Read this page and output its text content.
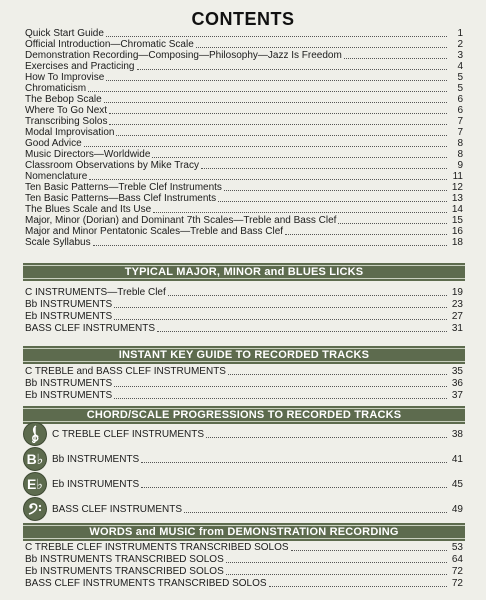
CONTENTS
Quick Start Guide	1
Official Introduction—Chromatic Scale	2
Demonstration Recording—Composing—Philosophy—Jazz Is Freedom	3
Exercises and Practicing	4
How To Improvise	5
Chromaticism	5
The Bebop Scale	6
Where To Go Next	6
Transcribing Solos	7
Modal Improvisation	7
Good Advice	8
Music Directors—Worldwide	8
Classroom Observations by Mike Tracy	9
Nomenclature	11
Ten Basic Patterns—Treble Clef Instruments	12
Ten Basic Patterns—Bass Clef Instruments	13
The Blues Scale and Its Use	14
Major, Minor (Dorian) and Dominant 7th Scales—Treble and Bass Clef	15
Major and Minor Pentatonic Scales—Treble and Bass Clef	16
Scale Syllabus	18
TYPICAL MAJOR, MINOR and BLUES LICKS
C INSTRUMENTS—Treble Clef	19
Bb INSTRUMENTS	23
Eb INSTRUMENTS	27
BASS CLEF INSTRUMENTS	31
INSTANT KEY GUIDE TO RECORDED TRACKS
C TREBLE and BASS CLEF INSTRUMENTS	35
Bb INSTRUMENTS	36
Eb INSTRUMENTS	37
CHORD/SCALE PROGRESSIONS TO RECORDED TRACKS
C TREBLE CLEF INSTRUMENTS	38
B♭ Bb INSTRUMENTS	41
E♭ Eb INSTRUMENTS	45
BASS CLEF INSTRUMENTS	49
WORDS and MUSIC from DEMONSTRATION RECORDING
C TREBLE CLEF INSTRUMENTS TRANSCRIBED SOLOS	53
Bb INSTRUMENTS TRANSCRIBED SOLOS	64
Eb INSTRUMENTS TRANSCRIBED SOLOS	72
BASS CLEF INSTRUMENTS TRANSCRIBED SOLOS	72
